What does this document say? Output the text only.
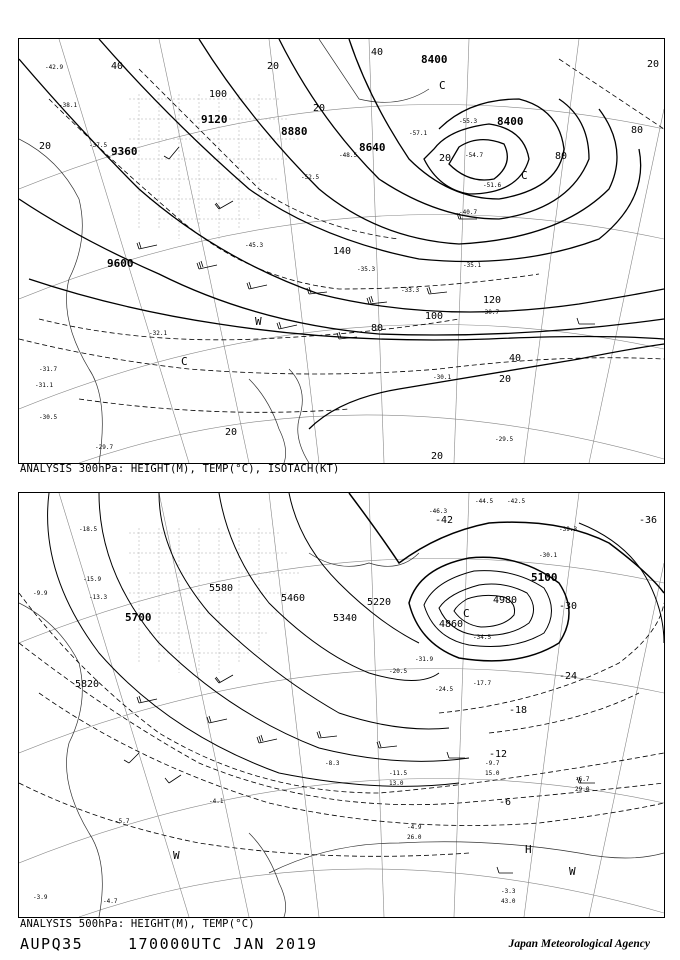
9600
9360
9120
8880
8640
8400
8400
40	20
40
100
20
20
140
120
100
80
40
20
80
80
20
20
20
20
C
C
C
W
-42.9
-38.1
-37.5
-32.1
-31.1
-30.5
-30.7
-30.1
-29.5
-31.7
-33.3
-35.1
-40.7
-48.5
-51.6
-54.7
-57.1
-55.3
-45.3
-52.5
-35.3
-29.7
ANALYSIS 300hPa: HEIGHT(M), TEMP(°C), ISOTACH(KT)
5820
5700
5580
5460
5340
5220
5100
4980
4860
-30
-24
-18
-12
-6
-42	-36
C
H
W
W
-18.5
-15.9
-13.3
-9.9
-4.9
-3.9
-4.7
-5.7
-4.1
-11.5
-9.7
-6.7
-17.7
-20.5
-24.5
-31.9
-34.5
-44.5 -42.5
-46.3
-39.3
-30.1
-8.3
-3.3
13.0
43.0
26.0
29.0
15.0
ANALYSIS 500hPa: HEIGHT(M), TEMP(°C)
AUPQ35	170000UTC JAN 2019	Japan Meteorological Agency
